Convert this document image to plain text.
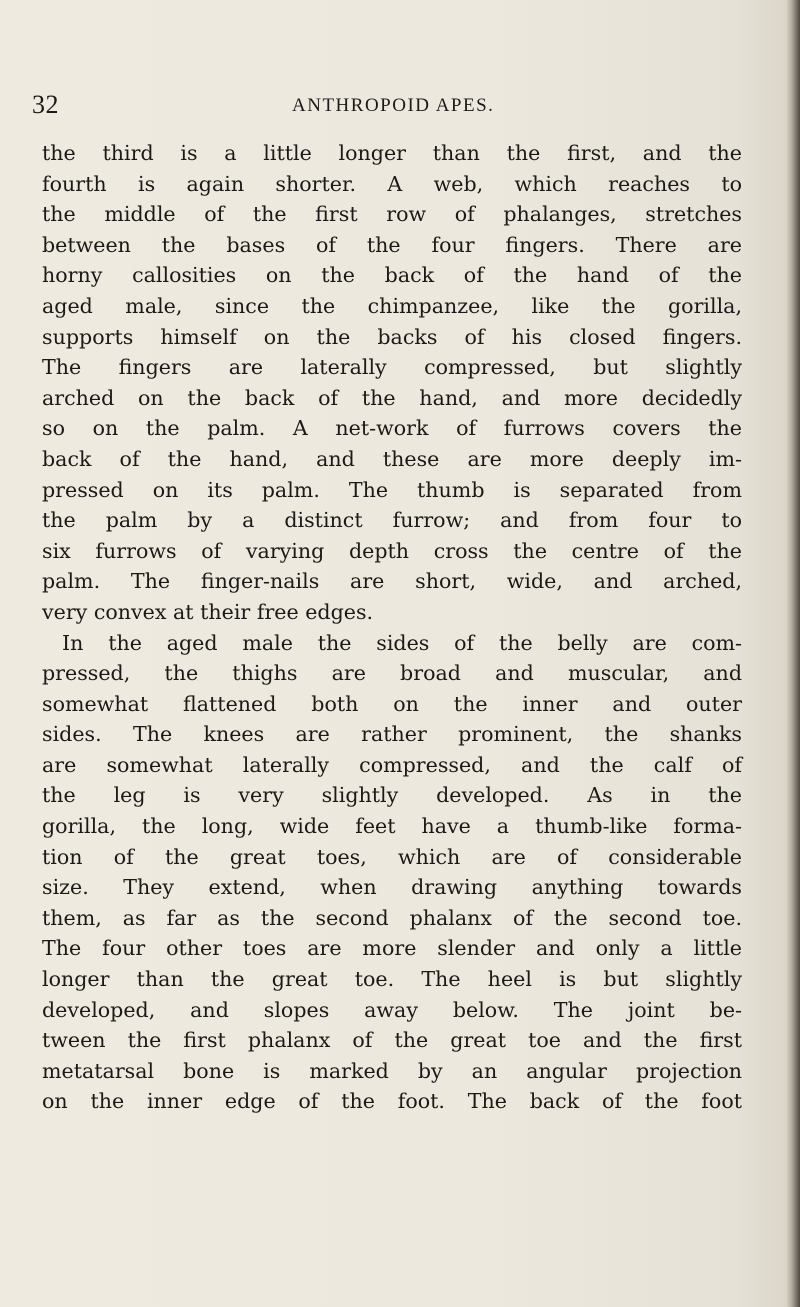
32	ANTHROPOID APES.
the third is a little longer than the first, and the
fourth is again shorter. A web, which reaches to
the middle of the first row of phalanges, stretches
between the bases of the four fingers. There are
horny callosities on the back of the hand of the
aged male, since the chimpanzee, like the gorilla,
supports himself on the backs of his closed fingers.
The fingers are laterally compressed, but slightly
arched on the back of the hand, and more decidedly
so on the palm. A net-work of furrows covers the
back of the hand, and these are more deeply im-
pressed on its palm. The thumb is separated from
the palm by a distinct furrow; and from four to
six furrows of varying depth cross the centre of the
palm. The finger-nails are short, wide, and arched,
very convex at their free edges.
In the aged male the sides of the belly are com-
pressed, the thighs are broad and muscular, and
somewhat flattened both on the inner and outer
sides. The knees are rather prominent, the shanks
are somewhat laterally compressed, and the calf of
the leg is very slightly developed. As in the
gorilla, the long, wide feet have a thumb-like forma-
tion of the great toes, which are of considerable
size. They extend, when drawing anything towards
them, as far as the second phalanx of the second toe.
The four other toes are more slender and only a little
longer than the great toe. The heel is but slightly
developed, and slopes away below. The joint be-
tween the first phalanx of the great toe and the first
metatarsal bone is marked by an angular projection
on the inner edge of the foot. The back of the foot
